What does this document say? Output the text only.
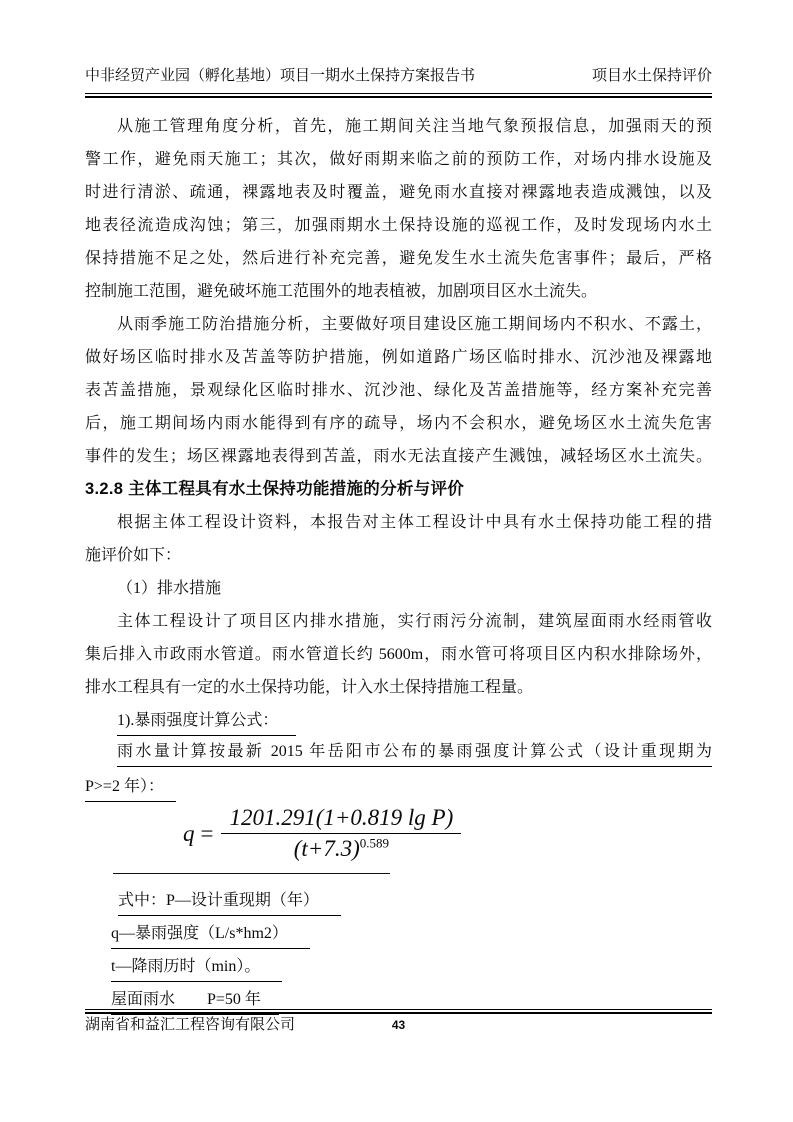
中非经贸产业园（孵化基地）项目一期水土保持方案报告书	项目水土保持评价
从施工管理角度分析，首先，施工期间关注当地气象预报信息，加强雨天的预
警工作，避免雨天施工；其次，做好雨期来临之前的预防工作，对场内排水设施及
时进行清淤、疏通，裸露地表及时覆盖，避免雨水直接对裸露地表造成溅蚀，以及
地表径流造成沟蚀；第三，加强雨期水土保持设施的巡视工作，及时发现场内水土
保持措施不足之处，然后进行补充完善，避免发生水土流失危害事件；最后，严格
控制施工范围，避免破坏施工范围外的地表植被，加剧项目区水土流失。
从雨季施工防治措施分析，主要做好项目建设区施工期间场内不积水、不露土，
做好场区临时排水及苫盖等防护措施，例如道路广场区临时排水、沉沙池及裸露地
表苫盖措施，景观绿化区临时排水、沉沙池、绿化及苫盖措施等，经方案补充完善
后，施工期间场内雨水能得到有序的疏导，场内不会积水，避免场区水土流失危害
事件的发生；场区裸露地表得到苫盖，雨水无法直接产生溅蚀，减轻场区水土流失。
3.2.8 主体工程具有水土保持功能措施的分析与评价
根据主体工程设计资料，本报告对主体工程设计中具有水土保持功能工程的措
施评价如下：
（1）排水措施
主体工程设计了项目区内排水措施，实行雨污分流制，建筑屋面雨水经雨管收
集后排入市政雨水管道。雨水管道长约 5600m，雨水管可将项目区内积水排除场外，
排水工程具有一定的水土保持功能，计入水土保持措施工程量。
1).暴雨强度计算公式：
雨水量计算按最新 2015 年岳阳市公布的暴雨强度计算公式（设计重现期为
P>=2 年）：
$q = \frac{\text{1201.291(1+0.819 lg P)}}{(t+7.3)^{0.589}}$
式中：P—设计重现期（年）
q—暴雨强度（L/s*hm2）
t—降雨历时（min）。
屋面雨水　　P=50 年
湖南省和益汇工程咨询有限公司	43
